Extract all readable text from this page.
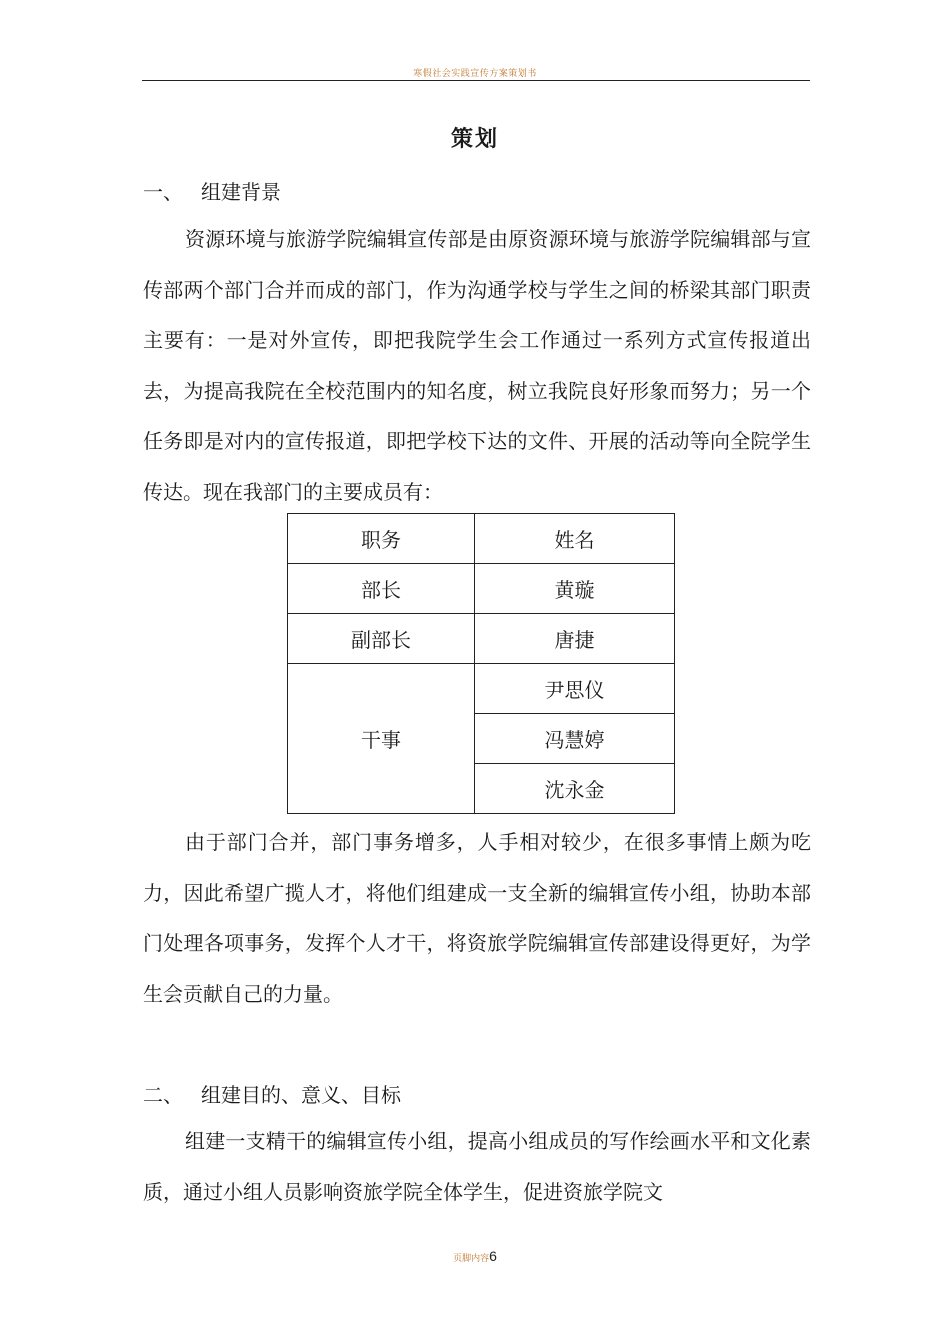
寒假社会实践宣传方案策划书
策划
一、 组建背景
资源环境与旅游学院编辑宣传部是由原资源环境与旅游学院编辑部与宣传部两个部门合并而成的部门，作为沟通学校与学生之间的桥梁其部门职责主要有：一是对外宣传，即把我院学生会工作通过一系列方式宣传报道出去，为提高我院在全校范围内的知名度，树立我院良好形象而努力；另一个任务即是对内的宣传报道，即把学校下达的文件、开展的活动等向全院学生传达。现在我部门的主要成员有：
职务	姓名
部长	黄璇
副部长	唐捷
干事	尹思仪
	冯慧婷
	沈永金
由于部门合并，部门事务增多，人手相对较少，在很多事情上颇为吃力，因此希望广揽人才，将他们组建成一支全新的编辑宣传小组，协助本部门处理各项事务，发挥个人才干，将资旅学院编辑宣传部建设得更好，为学生会贡献自己的力量。
二、 组建目的、意义、目标
组建一支精干的编辑宣传小组，提高小组成员的写作绘画水平和文化素质，通过小组人员影响资旅学院全体学生，促进资旅学院文
页脚内容6
